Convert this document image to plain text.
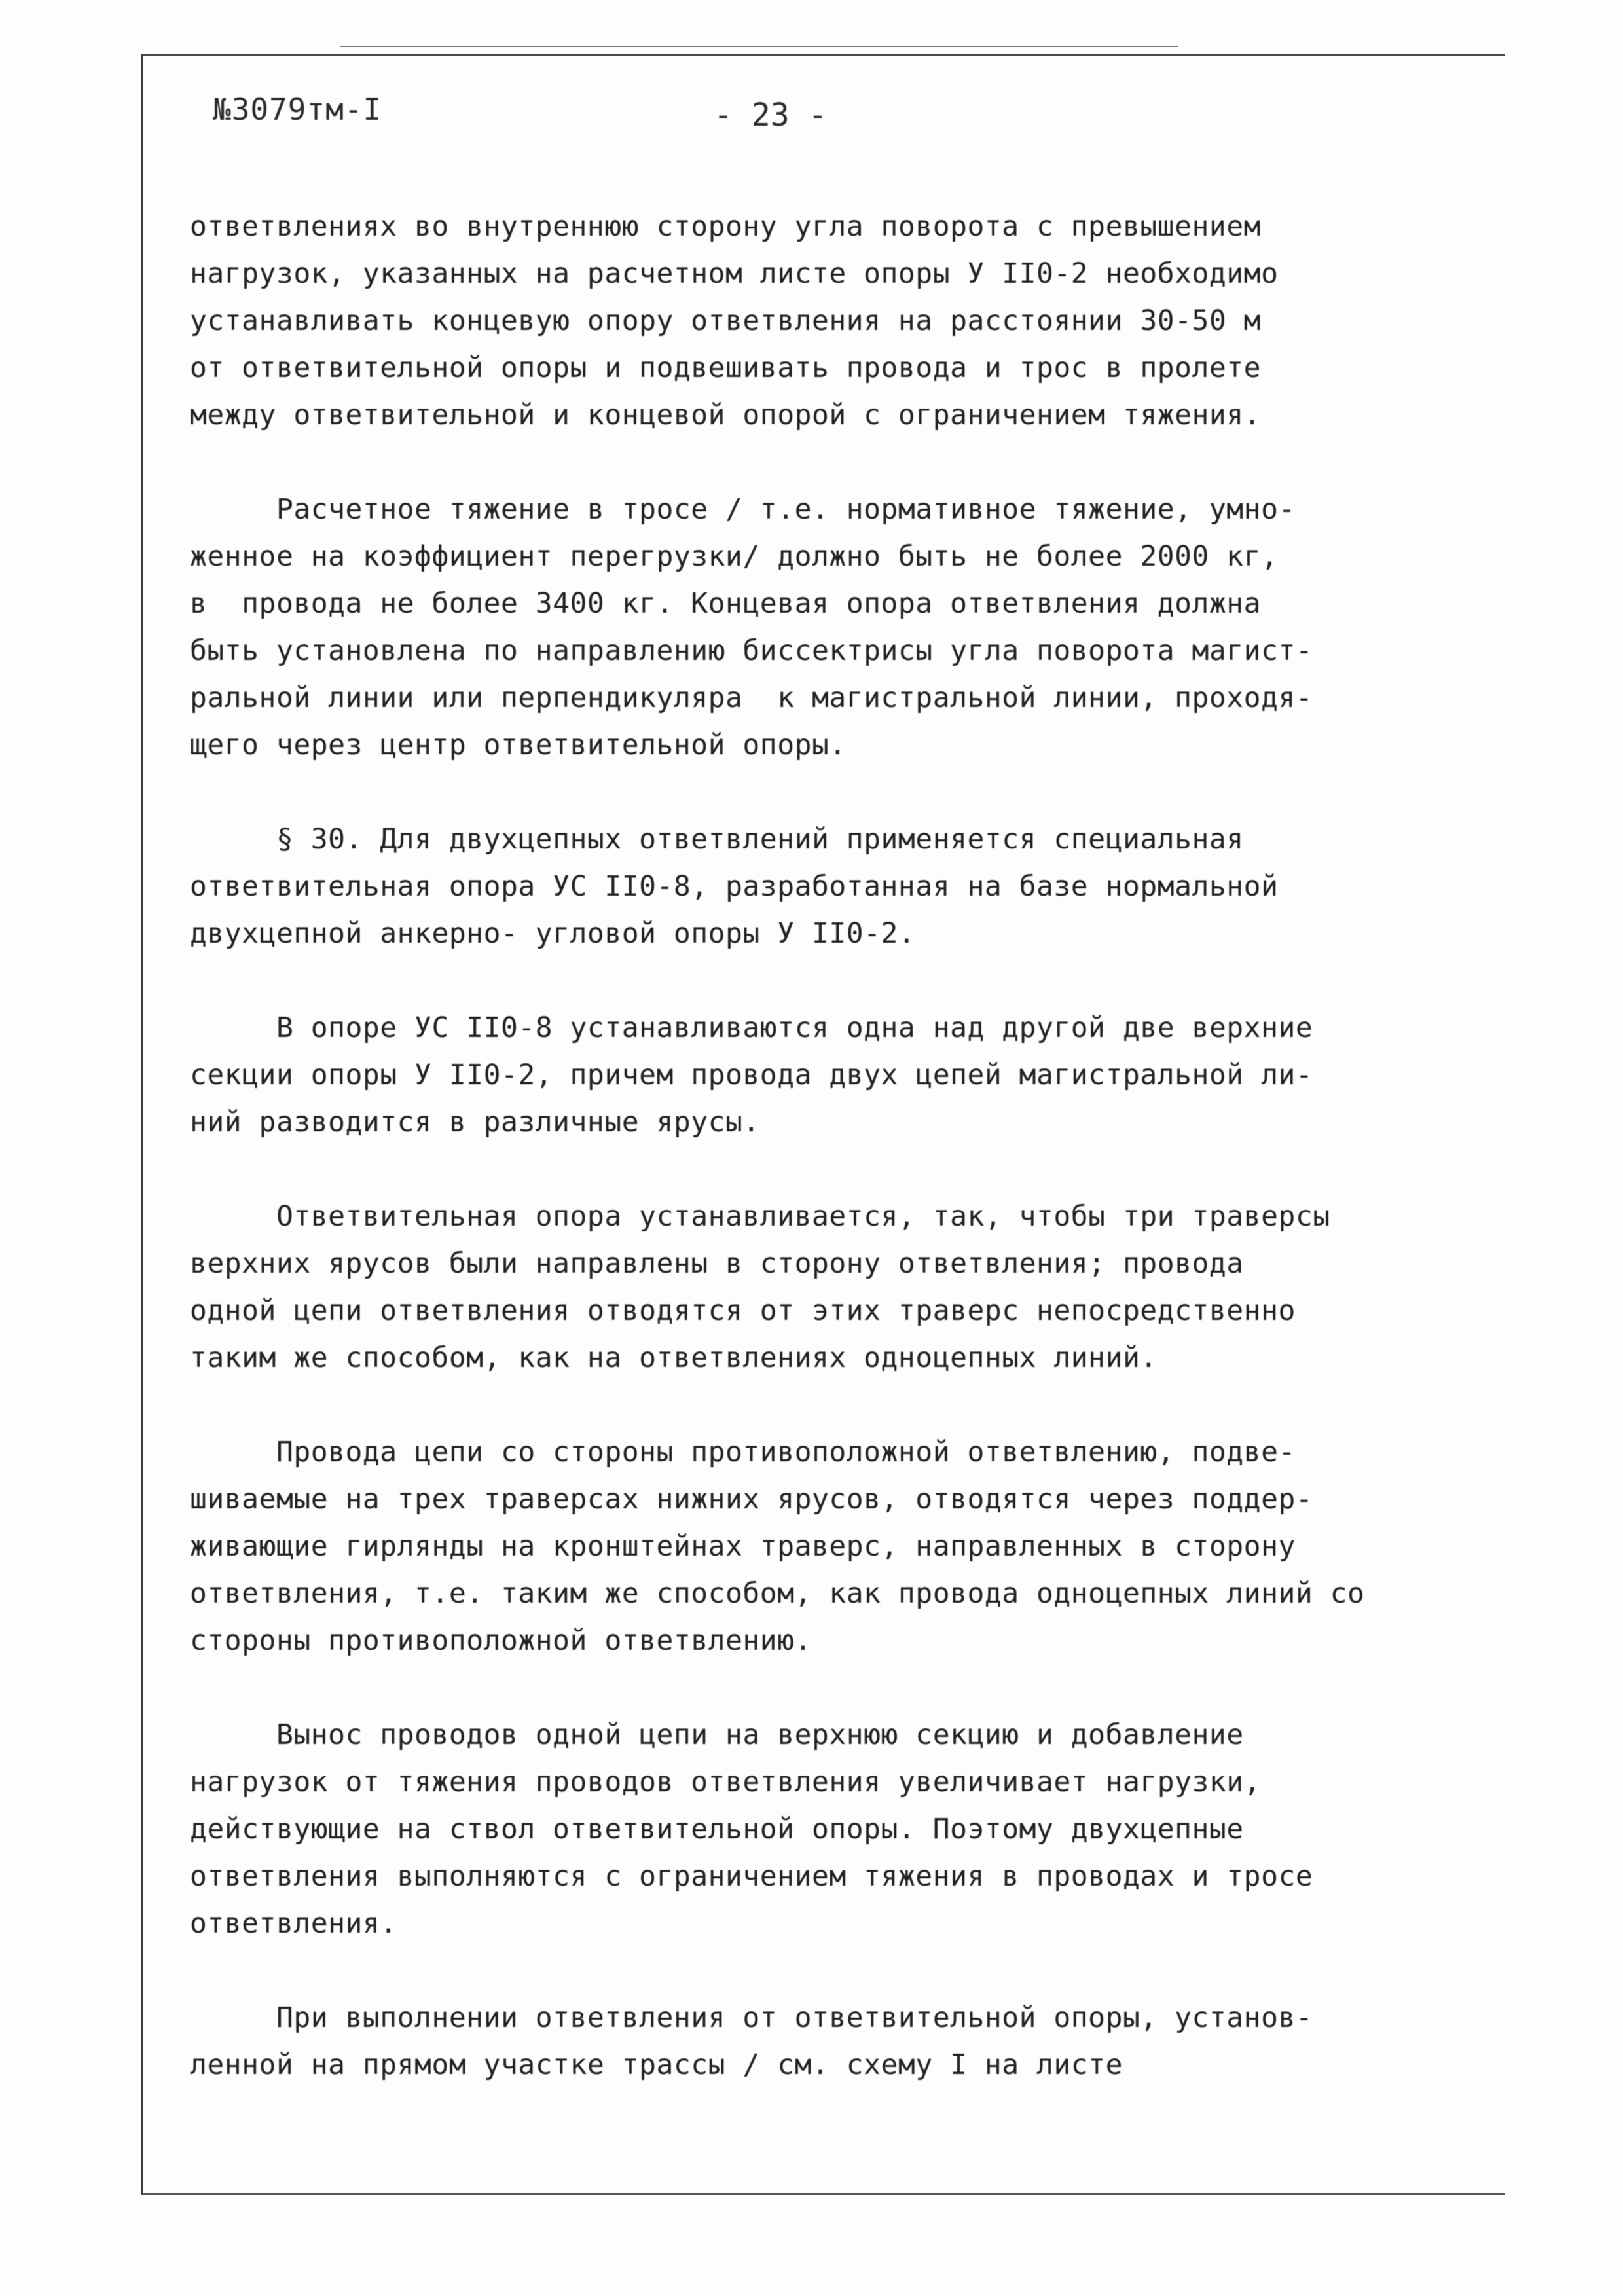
№3079тм-I	- 23 -
ответвлениях во внутреннюю сторону угла поворота с превышением
нагрузок, указанных на расчетном листе опоры У II0-2 необходимо
устанавливать концевую опору ответвления на расстоянии 30-50 м
от ответвительной опоры и подвешивать провода и трос в пролете
между ответвительной и концевой опорой с ограничением тяжения.
Расчетное тяжение в тросе / т.е. нормативное тяжение, умно-
женное на коэффициент перегрузки/ должно быть не более 2000 кг,
в  провода не более 3400 кг. Концевая опора ответвления должна
быть установлена по направлению биссектрисы угла поворота магист-
ральной линии или перпендикуляра  к магистральной линии, проходя-
щего через центр ответвительной опоры.
§ 30. Для двухцепных ответвлений применяется специальная
ответвительная опора УС II0-8, разработанная на базе нормальной
двухцепной анкерно- угловой опоры У II0-2.
В опоре УС II0-8 устанавливаются одна над другой две верхние
секции опоры У II0-2, причем провода двух цепей магистральной ли-
ний разводится в различные ярусы.
Ответвительная опора устанавливается, так, чтобы три траверсы
верхних ярусов были направлены в сторону ответвления; провода
одной цепи ответвления отводятся от этих траверс непосредственно
таким же способом, как на ответвлениях одноцепных линий.
Провода цепи со стороны противоположной ответвлению, подве-
шиваемые на трех траверсах нижних ярусов, отводятся через поддер-
живающие гирлянды на кронштейнах траверс, направленных в сторону
ответвления, т.е. таким же способом, как провода одноцепных линий со
стороны противоположной ответвлению.
Вынос проводов одной цепи на верхнюю секцию и добавление
нагрузок от тяжения проводов ответвления увеличивает нагрузки,
действующие на ствол ответвительной опоры. Поэтому двухцепные
ответвления выполняются с ограничением тяжения в проводах и тросе
ответвления.
При выполнении ответвления от ответвительной опоры, установ-
ленной на прямом участке трассы / см. схему I на листе
